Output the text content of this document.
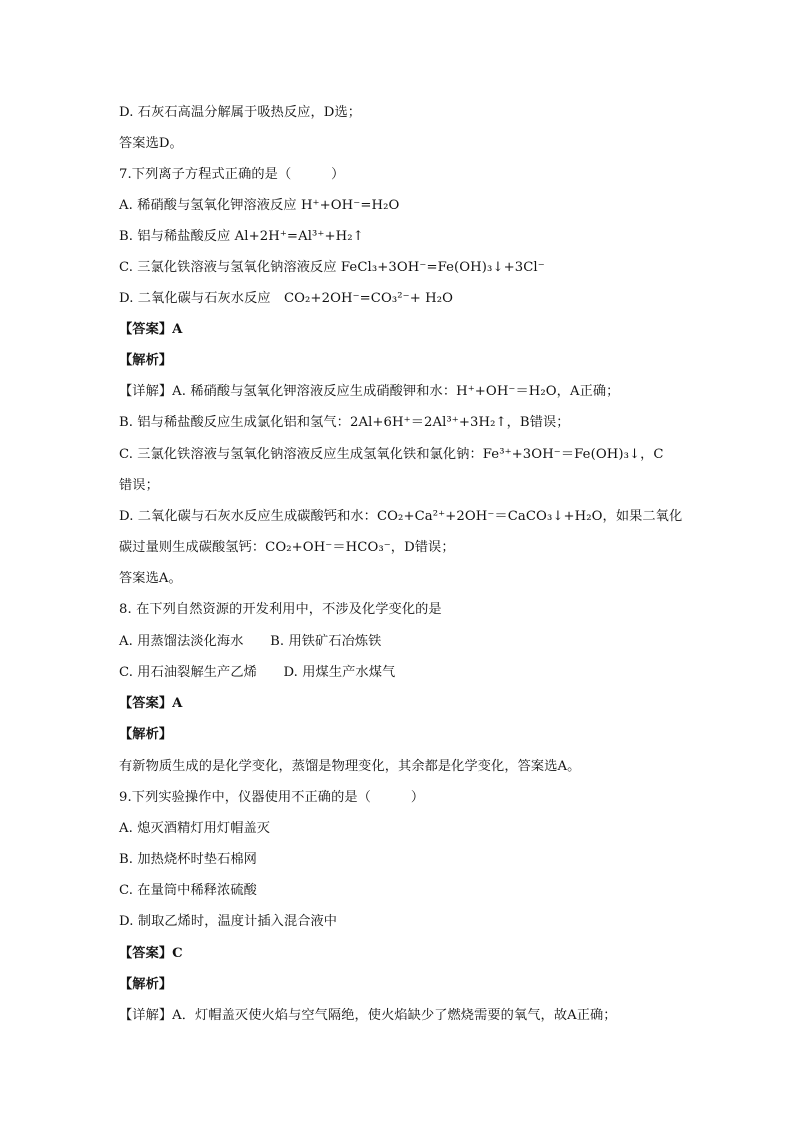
D. 石灰石高温分解属于吸热反应，D选；
答案选D。
7.下列离子方程式正确的是（　　　）
A. 稀硝酸与氢氧化钾溶液反应 H⁺+OH⁻=H₂O
B. 铝与稀盐酸反应 Al+2H⁺=Al³⁺+H₂↑
C. 三氯化铁溶液与氢氧化钠溶液反应 FeCl₃+3OH⁻=Fe(OH)₃↓+3Cl⁻
D. 二氧化碳与石灰水反应　CO₂+2OH⁻=CO₃²⁻+ H₂O
【答案】A
【解析】
【详解】A. 稀硝酸与氢氧化钾溶液反应生成硝酸钾和水：H⁺+OH⁻＝H₂O，A正确；
B. 铝与稀盐酸反应生成氯化铝和氢气：2Al+6H⁺＝2Al³⁺+3H₂↑，B错误；
C. 三氯化铁溶液与氢氧化钠溶液反应生成氢氧化铁和氯化钠：Fe³⁺+3OH⁻＝Fe(OH)₃↓，C
错误；
D. 二氧化碳与石灰水反应生成碳酸钙和水：CO₂+Ca²⁺+2OH⁻＝CaCO₃↓+H₂O，如果二氧化
碳过量则生成碳酸氢钙：CO₂+OH⁻＝HCO₃⁻，D错误；
答案选A。
8. 在下列自然资源的开发利用中，不涉及化学变化的是
A. 用蒸馏法淡化海水　　B. 用铁矿石冶炼铁
C. 用石油裂解生产乙烯　　D. 用煤生产水煤气
【答案】A
【解析】
有新物质生成的是化学变化，蒸馏是物理变化，其余都是化学变化，答案选A。
9.下列实验操作中，仪器使用不正确的是（　　　）
A. 熄灭酒精灯用灯帽盖灭
B. 加热烧杯时垫石棉网
C. 在量筒中稀释浓硫酸
D. 制取乙烯时，温度计插入混合液中
【答案】C
【解析】
【详解】A．灯帽盖灭使火焰与空气隔绝，使火焰缺少了燃烧需要的氧气，故A正确；
